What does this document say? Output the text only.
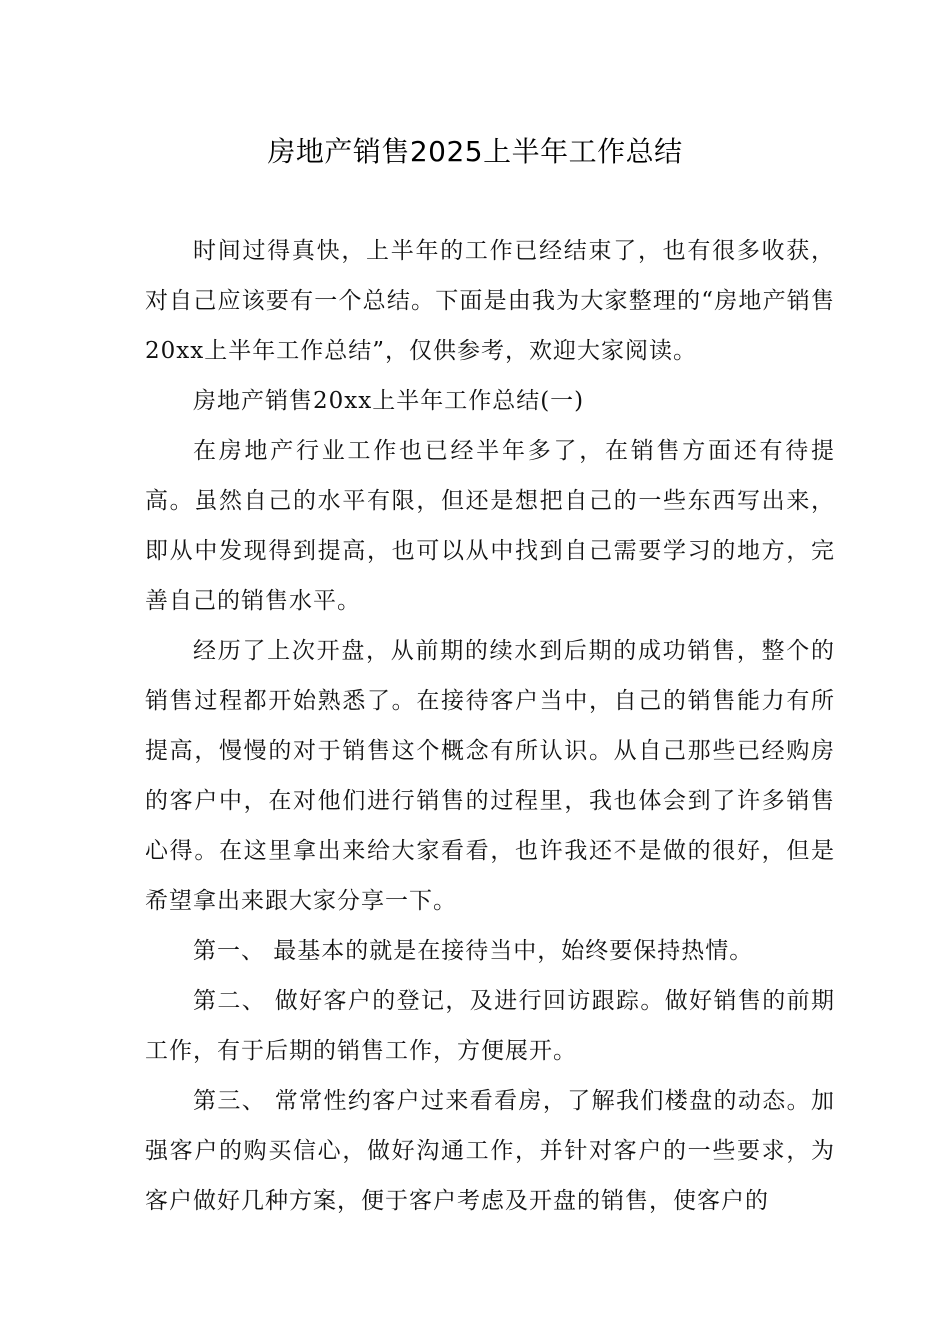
房地产销售2025上半年工作总结

时间过得真快，上半年的工作已经结束了，也有很多收获，对自己应该要有一个总结。下面是由我为大家整理的“房地产销售20xx上半年工作总结”，仅供参考，欢迎大家阅读。

房地产销售20xx上半年工作总结(一)

在房地产行业工作也已经半年多了，在销售方面还有待提高。虽然自己的水平有限，但还是想把自己的一些东西写出来，即从中发现得到提高，也可以从中找到自己需要学习的地方，完善自己的销售水平。

经历了上次开盘，从前期的续水到后期的成功销售，整个的销售过程都开始熟悉了。在接待客户当中，自己的销售能力有所提高，慢慢的对于销售这个概念有所认识。从自己那些已经购房的客户中，在对他们进行销售的过程里，我也体会到了许多销售心得。在这里拿出来给大家看看，也许我还不是做的很好，但是希望拿出来跟大家分享一下。

第一、 最基本的就是在接待当中，始终要保持热情。

第二、 做好客户的登记，及进行回访跟踪。做好销售的前期工作，有于后期的销售工作，方便展开。

第三、 常常性约客户过来看看房，了解我们楼盘的动态。加强客户的购买信心，做好沟通工作，并针对客户的一些要求，为客户做好几种方案，便于客户考虑及开盘的销售，使客户的
